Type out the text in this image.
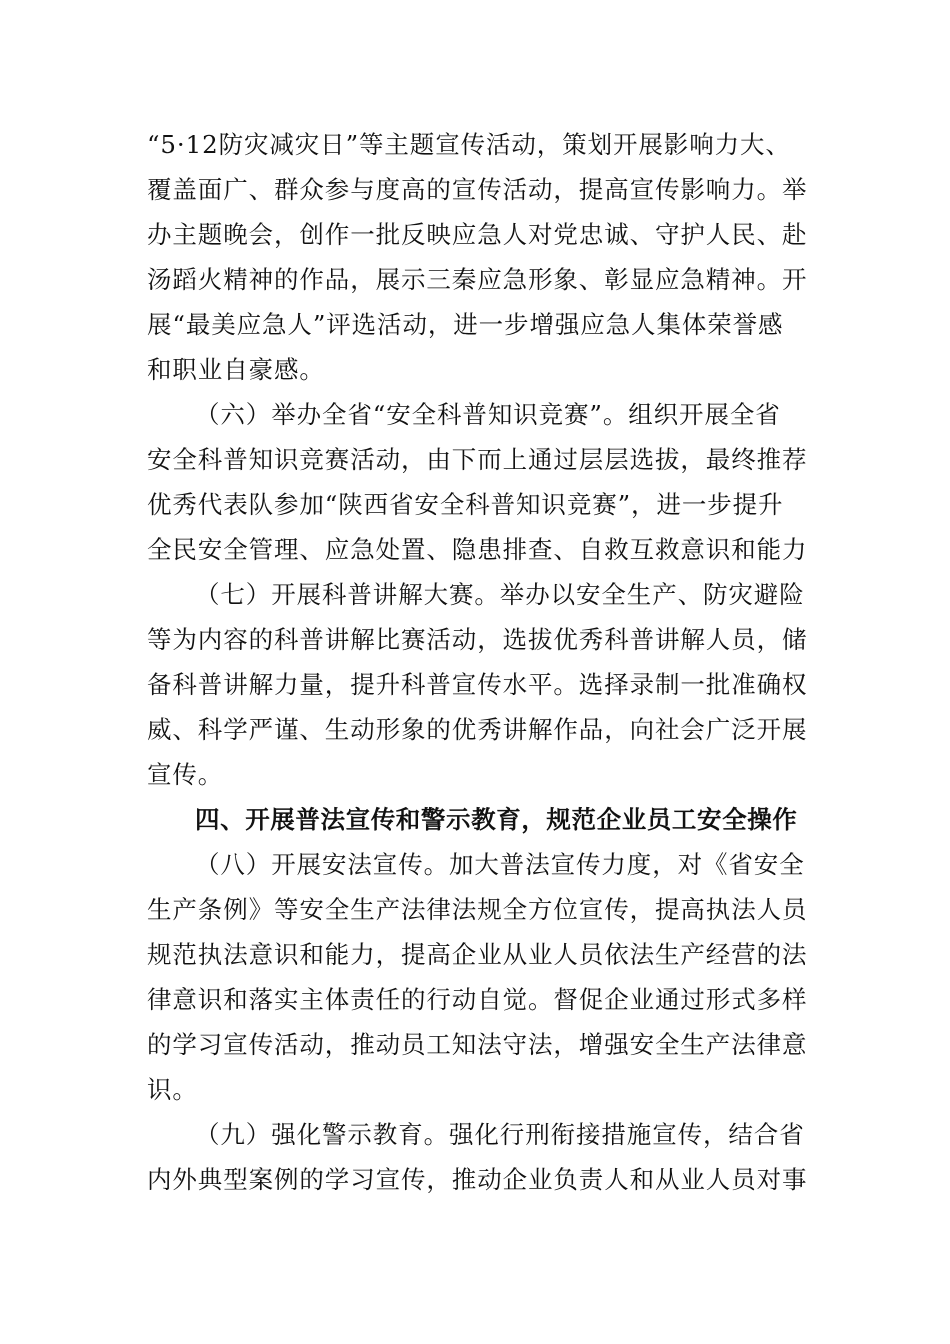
“5·12防灾减灾日”等主题宣传活动，策划开展影响力大、
覆盖面广、群众参与度高的宣传活动，提高宣传影响力。举
办主题晚会，创作一批反映应急人对党忠诚、守护人民、赴
汤蹈火精神的作品，展示三秦应急形象、彰显应急精神。开
展“最美应急人”评选活动，进一步增强应急人集体荣誉感
和职业自豪感。
（六）举办全省“安全科普知识竞赛”。组织开展全省
安全科普知识竞赛活动，由下而上通过层层选拔，最终推荐
优秀代表队参加“陕西省安全科普知识竞赛”，进一步提升
全民安全管理、应急处置、隐患排查、自救互救意识和能力
（七）开展科普讲解大赛。举办以安全生产、防灾避险
等为内容的科普讲解比赛活动，选拔优秀科普讲解人员，储
备科普讲解力量，提升科普宣传水平。选择录制一批准确权
威、科学严谨、生动形象的优秀讲解作品，向社会广泛开展
宣传。
四、开展普法宣传和警示教育，规范企业员工安全操作
（八）开展安法宣传。加大普法宣传力度，对《省安全
生产条例》等安全生产法律法规全方位宣传，提高执法人员
规范执法意识和能力，提高企业从业人员依法生产经营的法
律意识和落实主体责任的行动自觉。督促企业通过形式多样
的学习宣传活动，推动员工知法守法，增强安全生产法律意
识。
（九）强化警示教育。强化行刑衔接措施宣传，结合省
内外典型案例的学习宣传，推动企业负责人和从业人员对事
